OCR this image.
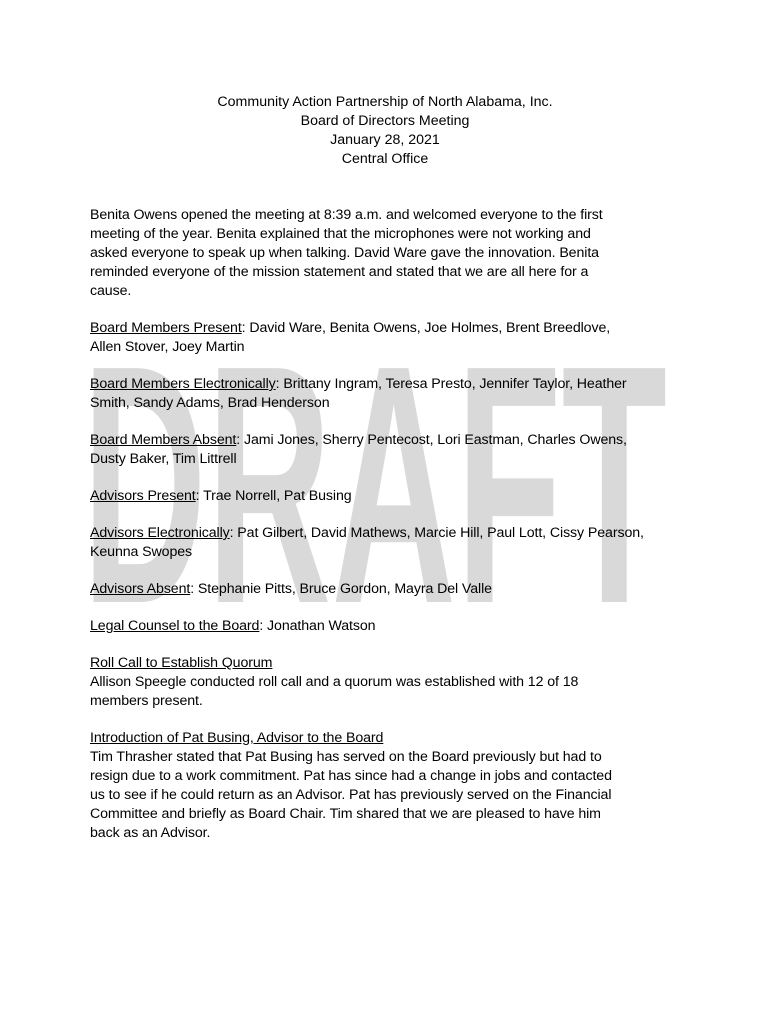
DRAFT
Community Action Partnership of North Alabama, Inc.
Board of Directors Meeting
January 28, 2021
Central Office
Benita Owens opened the meeting at 8:39 a.m. and welcomed everyone to the first
meeting of the year. Benita explained that the microphones were not working and
asked everyone to speak up when talking. David Ware gave the innovation. Benita
reminded everyone of the mission statement and stated that we are all here for a
cause.
Board Members Present: David Ware, Benita Owens, Joe Holmes, Brent Breedlove,
Allen Stover, Joey Martin
Board Members Electronically: Brittany Ingram, Teresa Presto, Jennifer Taylor, Heather
Smith, Sandy Adams, Brad Henderson
Board Members Absent: Jami Jones, Sherry Pentecost, Lori Eastman, Charles Owens,
Dusty Baker, Tim Littrell
Advisors Present: Trae Norrell, Pat Busing
Advisors Electronically: Pat Gilbert, David Mathews, Marcie Hill, Paul Lott, Cissy Pearson,
Keunna Swopes
Advisors Absent: Stephanie Pitts, Bruce Gordon, Mayra Del Valle
Legal Counsel to the Board: Jonathan Watson
Roll Call to Establish Quorum
Allison Speegle conducted roll call and a quorum was established with 12 of 18
members present.
Introduction of Pat Busing, Advisor to the Board
Tim Thrasher stated that Pat Busing has served on the Board previously but had to
resign due to a work commitment. Pat has since had a change in jobs and contacted
us to see if he could return as an Advisor. Pat has previously served on the Financial
Committee and briefly as Board Chair. Tim shared that we are pleased to have him
back as an Advisor.
